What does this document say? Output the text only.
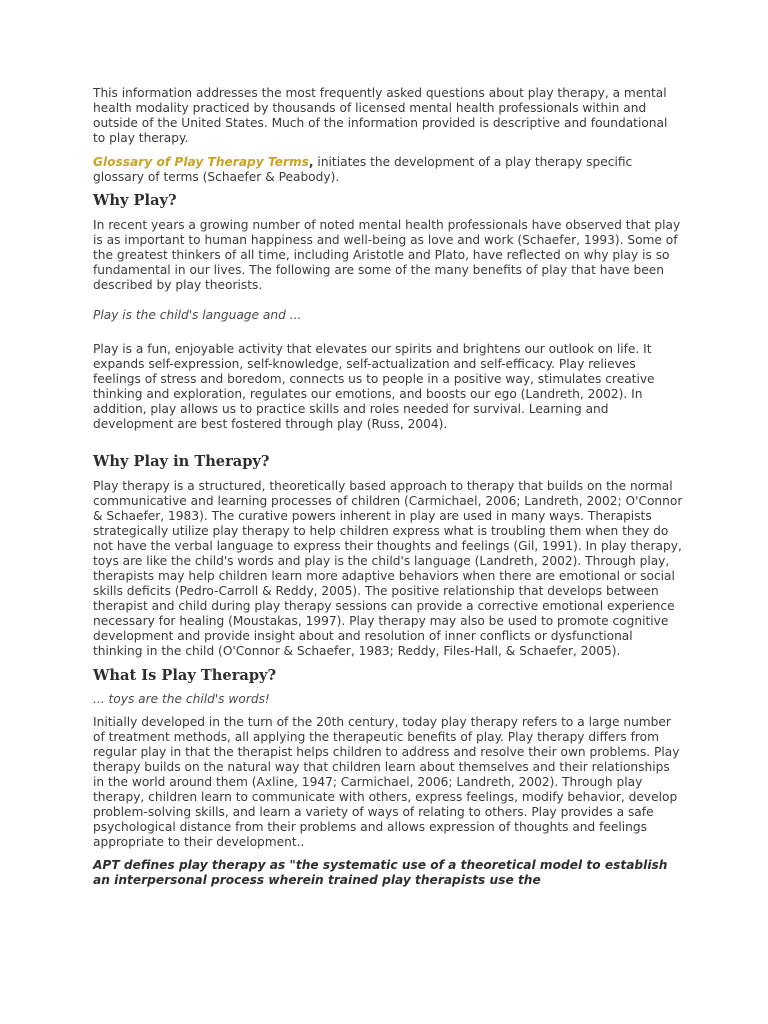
This information addresses the most frequently asked questions about play therapy, a mental health modality practiced by thousands of licensed mental health professionals within and outside of the United States. Much of the information provided is descriptive and foundational to play therapy.

Glossary of Play Therapy Terms, initiates the development of a play therapy specific glossary of terms (Schaefer & Peabody).

Why Play?

In recent years a growing number of noted mental health professionals have observed that play is as important to human happiness and well-being as love and work (Schaefer, 1993). Some of the greatest thinkers of all time, including Aristotle and Plato, have reflected on why play is so fundamental in our lives. The following are some of the many benefits of play that have been described by play theorists.

Play is the child's language and ...

Play is a fun, enjoyable activity that elevates our spirits and brightens our outlook on life. It expands self-expression, self-knowledge, self-actualization and self-efficacy. Play relieves feelings of stress and boredom, connects us to people in a positive way, stimulates creative thinking and exploration, regulates our emotions, and boosts our ego (Landreth, 2002). In addition, play allows us to practice skills and roles needed for survival. Learning and development are best fostered through play (Russ, 2004).

Why Play in Therapy?

Play therapy is a structured, theoretically based approach to therapy that builds on the normal communicative and learning processes of children (Carmichael, 2006; Landreth, 2002; O'Connor & Schaefer, 1983). The curative powers inherent in play are used in many ways. Therapists strategically utilize play therapy to help children express what is troubling them when they do not have the verbal language to express their thoughts and feelings (Gil, 1991). In play therapy, toys are like the child's words and play is the child's language (Landreth, 2002). Through play, therapists may help children learn more adaptive behaviors when there are emotional or social skills deficits (Pedro-Carroll & Reddy, 2005). The positive relationship that develops between therapist and child during play therapy sessions can provide a corrective emotional experience necessary for healing (Moustakas, 1997). Play therapy may also be used to promote cognitive development and provide insight about and resolution of inner conflicts or dysfunctional thinking in the child (O'Connor & Schaefer, 1983; Reddy, Files-Hall, & Schaefer, 2005).

What Is Play Therapy?

... toys are the child's words!

Initially developed in the turn of the 20th century, today play therapy refers to a large number of treatment methods, all applying the therapeutic benefits of play. Play therapy differs from regular play in that the therapist helps children to address and resolve their own problems. Play therapy builds on the natural way that children learn about themselves and their relationships in the world around them (Axline, 1947; Carmichael, 2006; Landreth, 2002). Through play therapy, children learn to communicate with others, express feelings, modify behavior, develop problem-solving skills, and learn a variety of ways of relating to others. Play provides a safe psychological distance from their problems and allows expression of thoughts and feelings appropriate to their development..

APT defines play therapy as "the systematic use of a theoretical model to establish an interpersonal process wherein trained play therapists use the
